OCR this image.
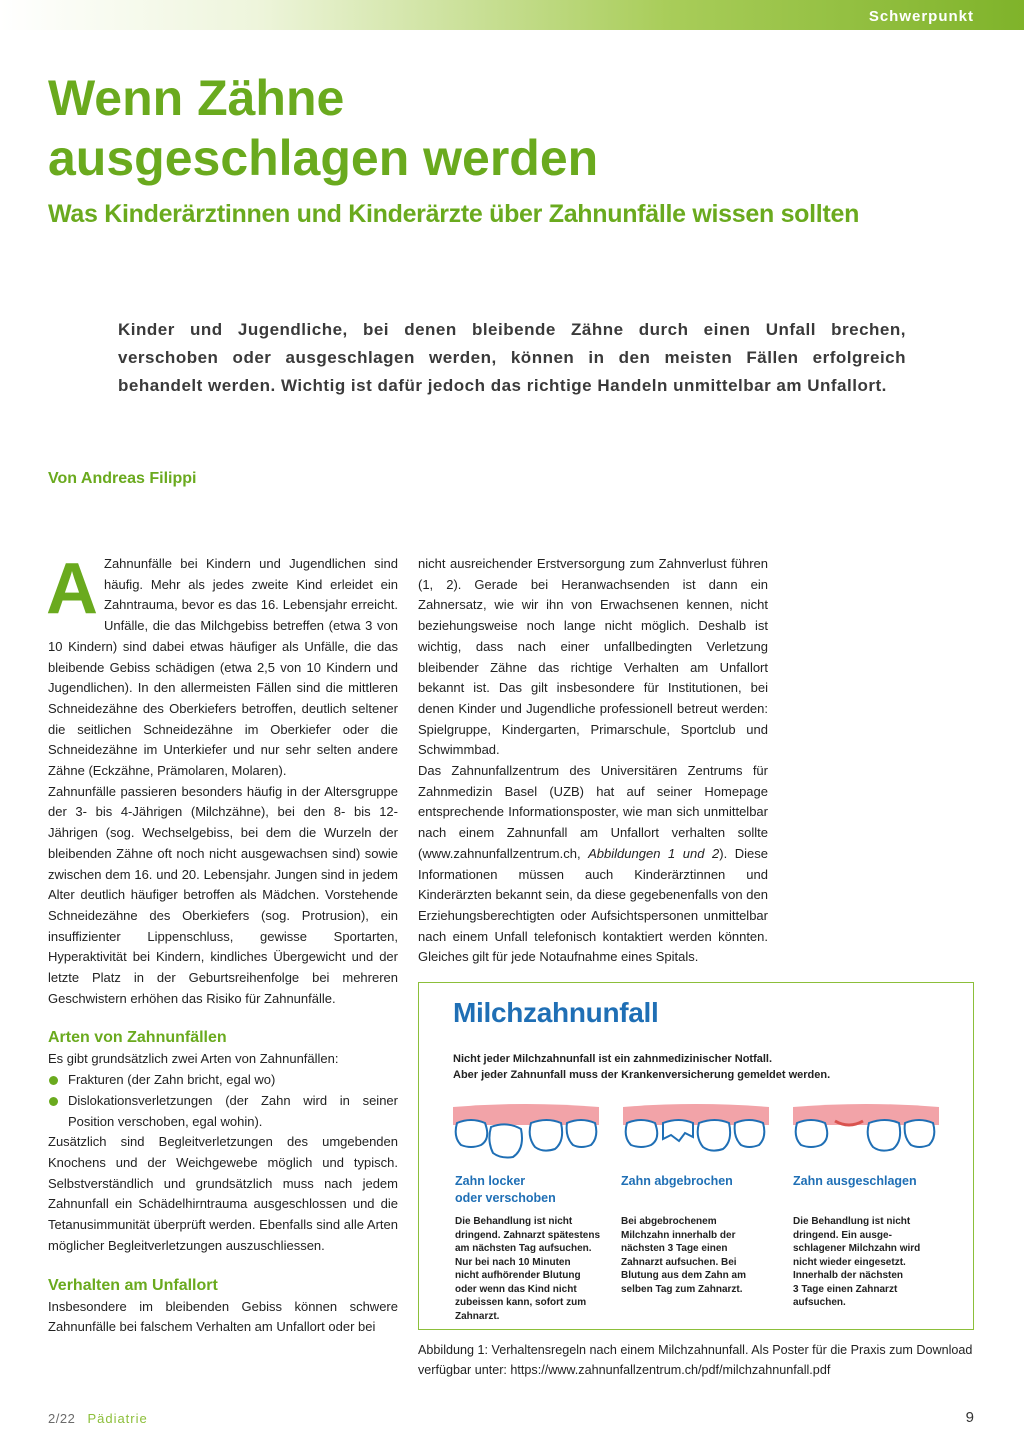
Schwerpunkt
Wenn Zähne
ausgeschlagen werden
Was Kinderärztinnen und Kinderärzte über Zahnunfälle wissen sollten

Kinder und Jugendliche, bei denen bleibende Zähne durch einen Unfall brechen, verschoben oder ausgeschlagen werden, können in den meisten Fällen erfolgreich behandelt werden. Wichtig ist dafür jedoch das richtige Handeln unmittelbar am Unfallort.

Von Andreas Filippi

A Zahnunfälle bei Kindern und Jugendlichen sind häufig. Mehr als jedes zweite Kind erleidet ein Zahntrauma, bevor es das 16. Lebensjahr erreicht. Unfälle, die das Milchgebiss betreffen (etwa 3 von 10 Kindern) sind dabei etwas häufiger als Unfälle, die das bleibende Gebiss schädigen (etwa 2,5 von 10 Kindern und Jugendlichen). In den allermeisten Fällen sind die mittleren Schneidezähne des Oberkiefers betroffen, deutlich seltener die seitlichen Schneidezähne im Oberkiefer oder die Schneidezähne im Unterkiefer und nur sehr selten andere Zähne (Eckzähne, Prämolaren, Molaren).

Zahnunfälle passieren besonders häufig in der Altersgruppe der 3- bis 4-Jährigen (Milchzähne), bei den 8- bis 12-Jährigen (sog. Wechselgebiss, bei dem die Wurzeln der bleibenden Zähne oft noch nicht ausgewachsen sind) sowie zwischen dem 16. und 20. Lebensjahr. Jungen sind in jedem Alter deutlich häufiger betroffen als Mädchen. Vorstehende Schneidezähne des Oberkiefers (sog. Protrusion), ein insuffizienter Lippenschluss, gewisse Sportarten, Hyperaktivität bei Kindern, kindliches Übergewicht und der letzte Platz in der Geburtsreihenfolge bei mehreren Geschwistern erhöhen das Risiko für Zahnunfälle.

Arten von Zahnunfällen

Es gibt grundsätzlich zwei Arten von Zahnunfällen:

Frakturen (der Zahn bricht, egal wo)
Dislokationsverletzungen (der Zahn wird in seiner Position verschoben, egal wohin).

Zusätzlich sind Begleitverletzungen des umgebenden Knochens und der Weichgewebe möglich und typisch. Selbstverständlich und grundsätzlich muss nach jedem Zahnunfall ein Schädelhirntrauma ausgeschlossen und die Tetanusimmunität überprüft werden. Ebenfalls sind alle Arten möglicher Begleitverletzungen auszuschliessen.

Verhalten am Unfallort

Insbesondere im bleibenden Gebiss können schwere Zahnunfälle bei falschem Verhalten am Unfallort oder bei

nicht ausreichender Erstversorgung zum Zahnverlust führen (1, 2). Gerade bei Heranwachsenden ist dann ein Zahnersatz, wie wir ihn von Erwachsenen kennen, nicht beziehungsweise noch lange nicht möglich. Deshalb ist wichtig, dass nach einer unfallbedingten Verletzung bleibender Zähne das richtige Verhalten am Unfallort bekannt ist. Das gilt insbesondere für Institutionen, bei denen Kinder und Jugendliche professionell betreut werden: Spielgruppe, Kindergarten, Primarschule, Sportclub und Schwimmbad.

Das Zahnunfallzentrum des Universitären Zentrums für Zahnmedizin Basel (UZB) hat auf seiner Homepage entsprechende Informationsposter, wie man sich unmittelbar nach einem Zahnunfall am Unfallort verhalten sollte (www.zahnunfallzentrum.ch, Abbildungen 1 und 2). Diese Informationen müssen auch Kinderärztinnen und Kinderärzten bekannt sein, da diese gegebenenfalls von den Erziehungsberechtigten oder Aufsichtspersonen unmittelbar nach einem Unfall telefonisch kontaktiert werden könnten. Gleiches gilt für jede Notaufnahme eines Spitals.

Milchzahnunfall

Nicht jeder Milchzahnunfall ist ein zahnmedizinischer Notfall.
Aber jeder Zahnunfall muss der Krankenversicherung gemeldet werden.

Zahn locker
oder verschoben
Zahn abgebrochen	Zahn ausgeschlagen

Die Behandlung ist nicht
dringend. Zahnarzt spätestens
am nächsten Tag aufsuchen.
Nur bei nach 10 Minuten
nicht aufhörender Blutung
oder wenn das Kind nicht
zubeissen kann, sofort zum
Zahnarzt.

Bei abgebrochenem
Milchzahn innerhalb der
nächsten 3 Tage einen
Zahnarzt aufsuchen. Bei
Blutung aus dem Zahn am
selben Tag zum Zahnarzt.

Die Behandlung ist nicht
dringend. Ein ausge-
schlagener Milchzahn wird
nicht wieder eingesetzt.
Innerhalb der nächsten
3 Tage einen Zahnarzt
aufsuchen.

Abbildung 1: Verhaltensregeln nach einem Milchzahnunfall. Als Poster für die Praxis zum Download verfügbar unter: https://www.zahnunfallzentrum.ch/pdf/milchzahnunfall.pdf

2/22 Pädiatrie	9
